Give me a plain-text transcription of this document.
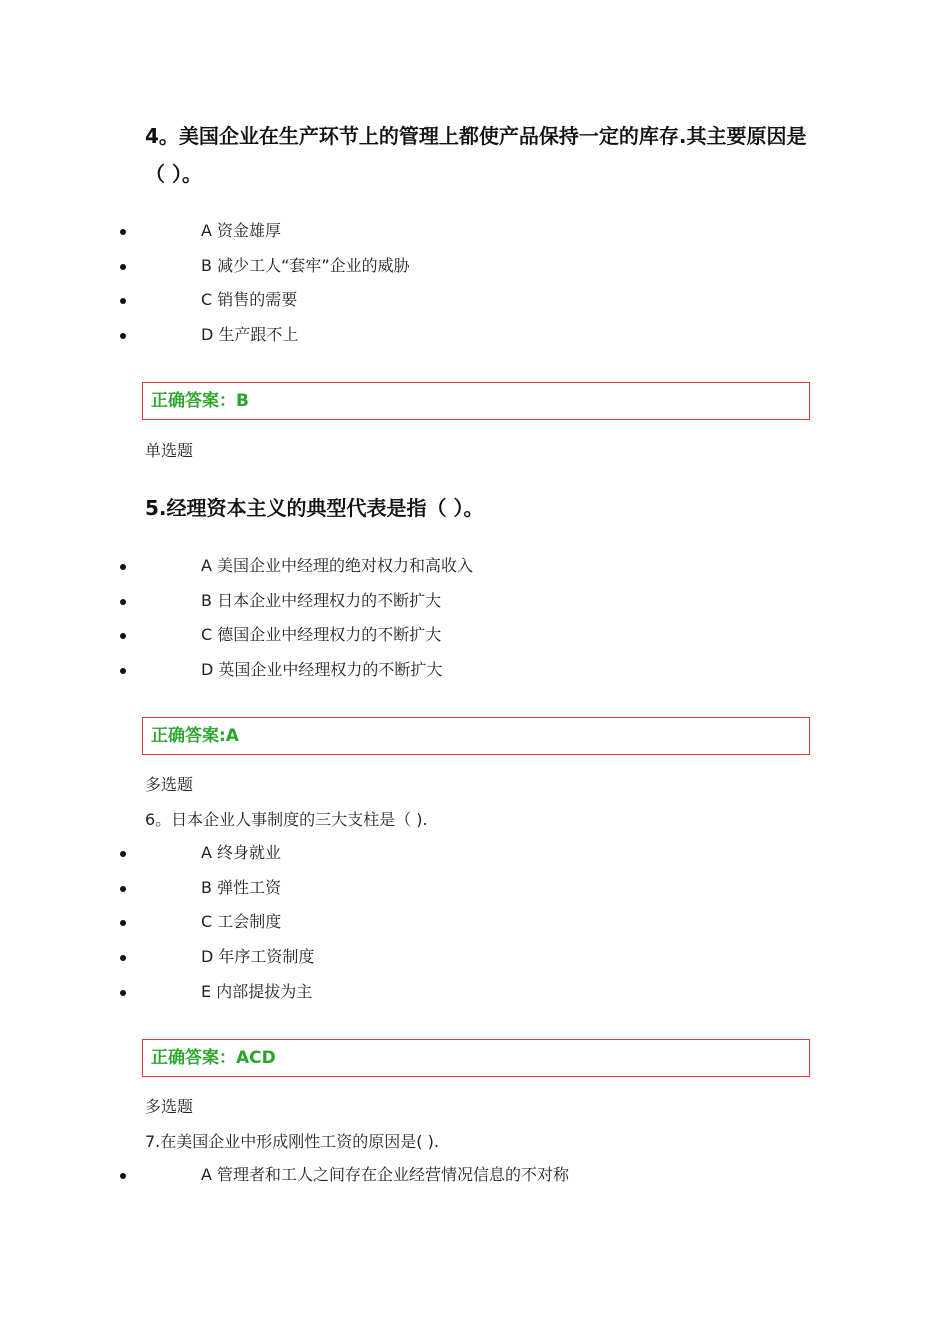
4。美国企业在生产环节上的管理上都使产品保持一定的库存.其主要原因是（ ）。
A 资金雄厚
B 减少工人“套牢”企业的威胁
C 销售的需要
D 生产跟不上
正确答案：B
单选题
5.经理资本主义的典型代表是指（ ）。
A 美国企业中经理的绝对权力和高收入
B 日本企业中经理权力的不断扩大
C 德国企业中经理权力的不断扩大
D 英国企业中经理权力的不断扩大
正确答案:A
多选题
6。日本企业人事制度的三大支柱是（ ).
A 终身就业
B 弹性工资
C 工会制度
D 年序工资制度
E 内部提拔为主
正确答案：ACD
多选题
7.在美国企业中形成刚性工资的原因是( ).
A 管理者和工人之间存在企业经营情况信息的不对称
